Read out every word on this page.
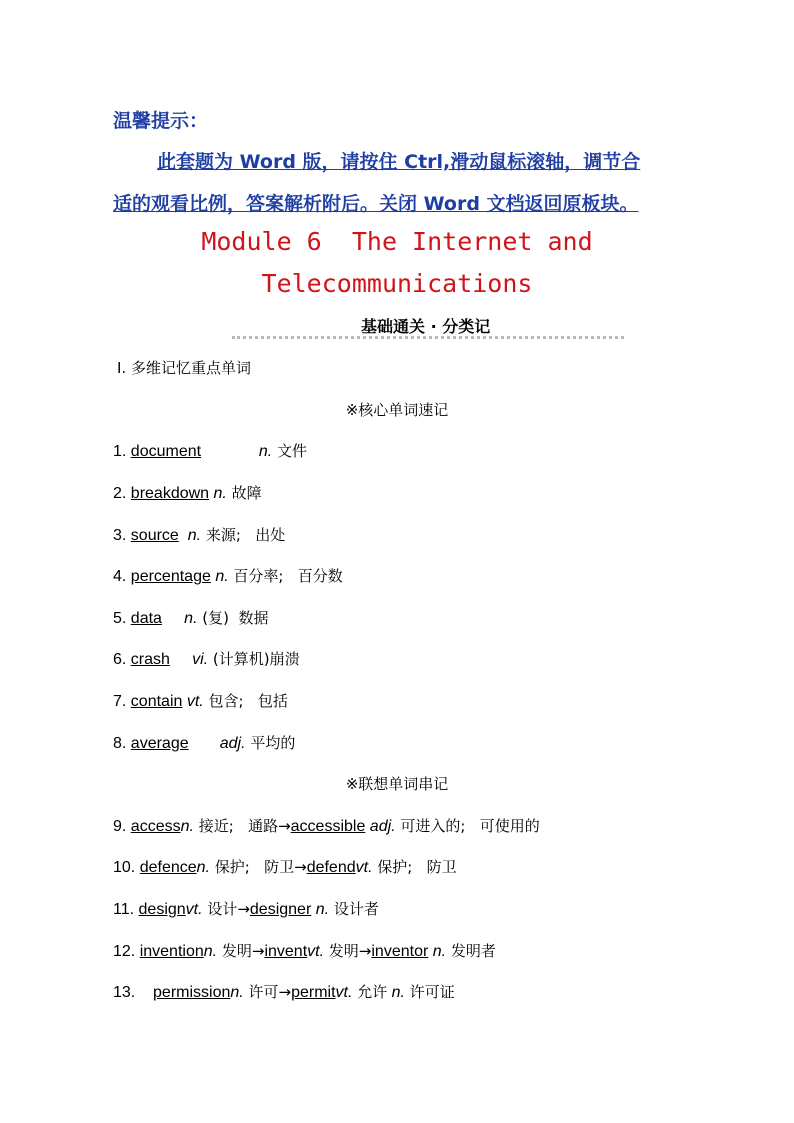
温馨提示：
此套题为 Word 版，请按住 Ctrl,滑动鼠标滚轴，调节合
适的观看比例，答案解析附后。关闭 Word 文档返回原板块。
Module 6  The Internet and
Telecommunications
基础通关 · 分类记
Ⅰ. 多维记忆重点单词
※核心单词速记
1. document	n. 文件
2. breakdown n. 故障
3. source n. 来源;   出处
4. percentage n. 百分率;   百分数
5. data n. (复)  数据
6. crash vi. (计算机)崩溃
7. contain vt. 包含;   包括
8. average adj. 平均的
※联想单词串记
9. accessn. 接近;   通路→accessible adj. 可进入的;   可使用的
10. defencen. 保护;   防卫→defendvt. 保护;   防卫
11. designvt. 设计→designer n. 设计者
12. inventionn. 发明→inventvt. 发明→inventor n. 发明者
13. permissionn. 许可→permitvt. 允许 n. 许可证
